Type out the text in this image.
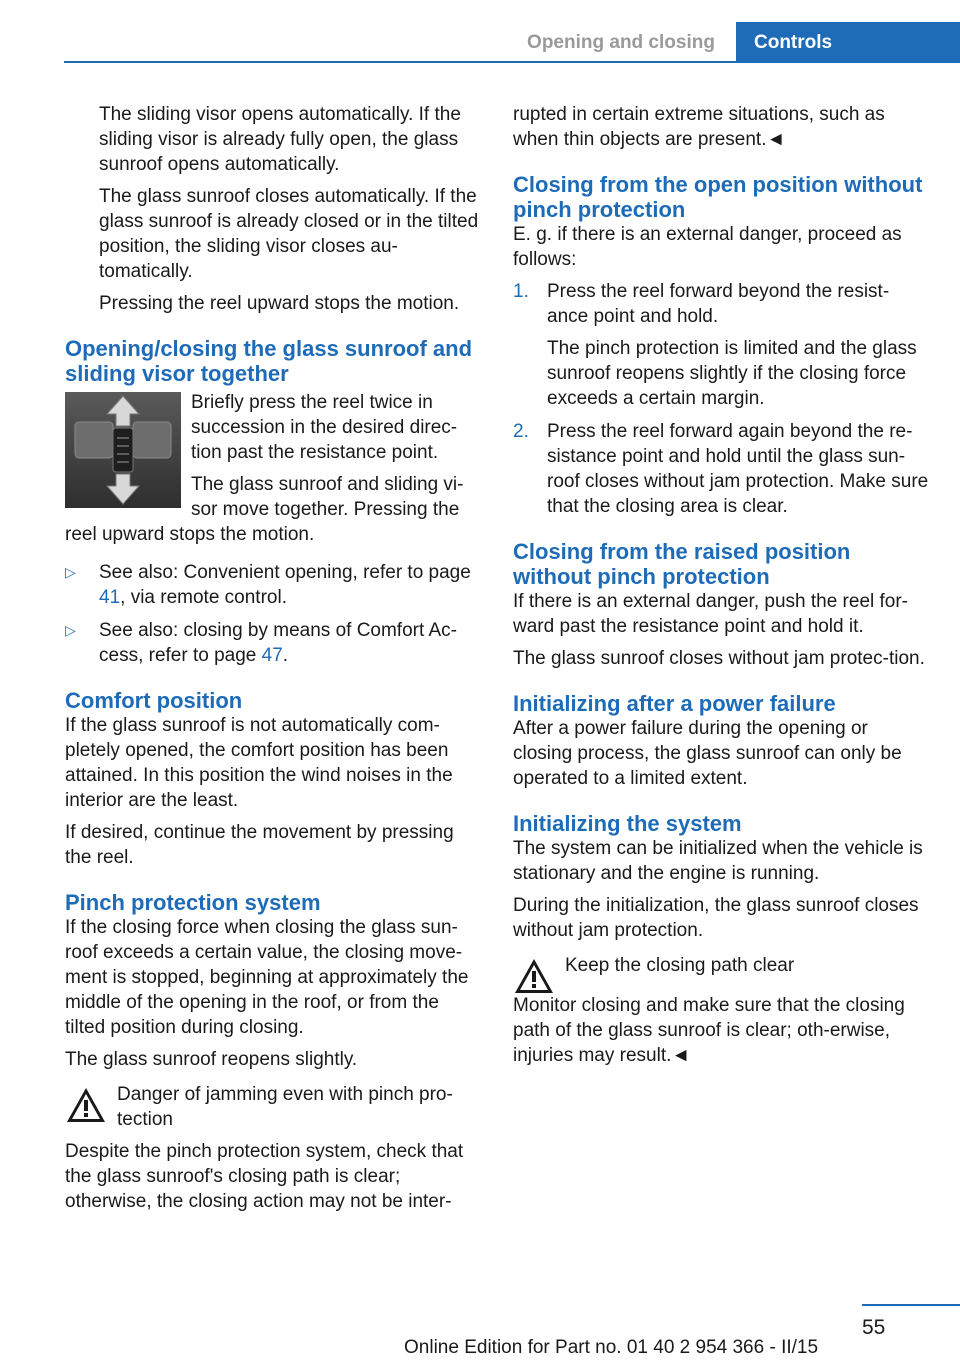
Opening and closing	Controls

The sliding visor opens automatically. If the sliding visor is already fully open, the glass sunroof opens automatically.

The glass sunroof closes automatically. If the glass sunroof is already closed or in the tilted position, the sliding visor closes au-tomatically.

Pressing the reel upward stops the motion.

Opening/closing the glass sunroof and sliding visor together

Briefly press the reel twice in succession in the desired direc-tion past the resistance point.

The glass sunroof and sliding vi-sor move together. Pressing the reel upward stops the motion.

▷ See also: Convenient opening, refer to page 41, via remote control.
▷ See also: closing by means of Comfort Ac-cess, refer to page 47.
Comfort position

If the glass sunroof is not automatically com-pletely opened, the comfort position has been attained. In this position the wind noises in the interior are the least.

If desired, continue the movement by pressing the reel.

Pinch protection system

If the closing force when closing the glass sun-roof exceeds a certain value, the closing move-ment is stopped, beginning at approximately the middle of the opening in the roof, or from the tilted position during closing.

The glass sunroof reopens slightly.

Danger of jamming even with pinch pro-tection

Despite the pinch protection system, check that the glass sunroof's closing path is clear; otherwise, the closing action may not be inter-

rupted in certain extreme situations, such as when thin objects are present.◄

Closing from the open position without pinch protection

E. g. if there is an external danger, proceed as follows:

1. Press the reel forward beyond the resist-ance point and hold.

The pinch protection is limited and the glass sunroof reopens slightly if the closing force exceeds a certain margin.

2. Press the reel forward again beyond the re-sistance point and hold until the glass sun-roof closes without jam protection. Make sure that the closing area is clear.
Closing from the raised position without pinch protection

If there is an external danger, push the reel for-ward past the resistance point and hold it.

The glass sunroof closes without jam protec-tion.

Initializing after a power failure

After a power failure during the opening or closing process, the glass sunroof can only be operated to a limited extent.

Initializing the system

The system can be initialized when the vehicle is stationary and the engine is running.

During the initialization, the glass sunroof closes without jam protection.

Keep the closing path clear

Monitor closing and make sure that the closing path of the glass sunroof is clear; oth-erwise, injuries may result.◄

55
Online Edition for Part no. 01 40 2 954 366 - II/15
